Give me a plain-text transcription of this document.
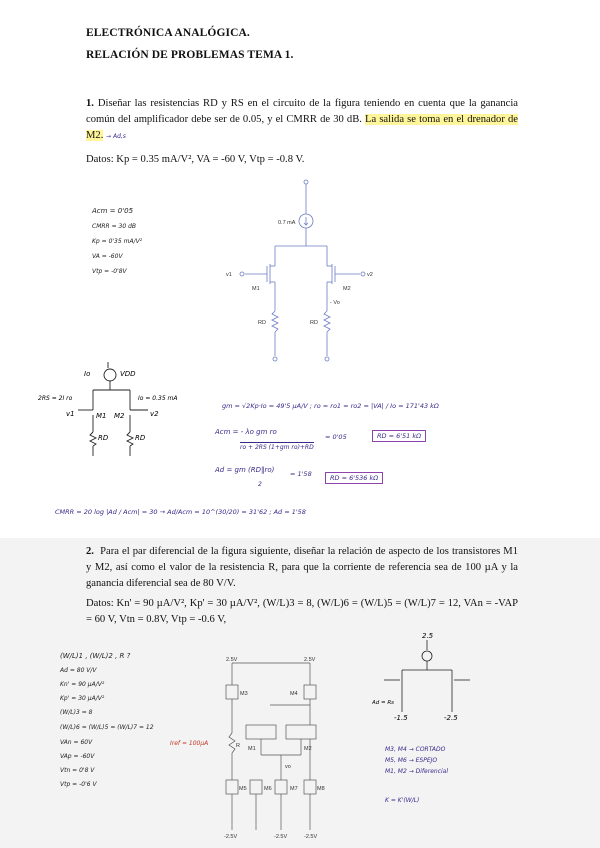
ELECTRÓNICA ANALÓGICA.
RELACIÓN DE PROBLEMAS TEMA 1.
1. Diseñar las resistencias RD y RS en el circuito de la figura teniendo en cuenta que la ganancia común del amplificador debe ser de 0.05, y el CMRR de 30 dB. La salida se toma en el drenador de M2. → Ad,s
Datos: Kp = 0.35 mA/V², VA = -60 V, Vtp = -0.8 V.
Acm = 0'05
CMRR = 30 dB
Kp = 0'35 mA/V²
VA = -60V
Vtp = -0'8V
0.7 mA
v1	v2
M1	M2
RD	RD
- Vo
Io	VDD
2RS = 2I ro	Io = 0.35 mA
v1	v2
M1 M2
RD	RD
gm = √2Kp·Io = 49'5 µA/V ; ro = ro1 = ro2 = |VA| / Io = 171'43 kΩ
Acm = - λo gm ro
ro + 2RS (1+gm ro)+RD
= 0'05	RD = 6'51 kΩ
Ad = gm (RD‖ro)
2
= 1'58	RD = 6'536 kΩ
CMRR = 20 log |Ad / Acm| = 30 → Ad/Acm = 10^(30/20) = 31'62 ; Ad = 1'58
2. Para el par diferencial de la figura siguiente, diseñar la relación de aspecto de los transistores M1 y M2, así como el valor de la resistencia R, para que la corriente de referencia sea de 100 µA y la ganancia diferencial sea de 80 V/V.
Datos: Kn' = 90 µA/V², Kp' = 30 µA/V², (W/L)3 = 8, (W/L)6 = (W/L)5 = (W/L)7 = 12, VAn = -VAP = 60 V, Vtn = 0.8V, Vtp = -0.6 V,
(W/L)1 , (W/L)2 , R ?
Ad = 80 V/V
Kn' = 90 µA/V²
Kp' = 30 µA/V²
(W/L)3 = 8
(W/L)6 = (W/L)5 = (W/L)7 = 12
VAn = 60V
VAp = -60V
Vtn = 0'8 V
Vtp = -0'6 V
2.5V	2.5V
-2.5V	-2.5V	-2.5V
M3	M4
M1	M2
M5	M6	M7	M8
R
vo
Iref = 100µA
2.5
-1.5	-2.5
Ad = Rs
M3, M4 → CORTADO
M5, M6 → ESPEJO
M1, M2 → Diferencial
K = K'(W/L)
